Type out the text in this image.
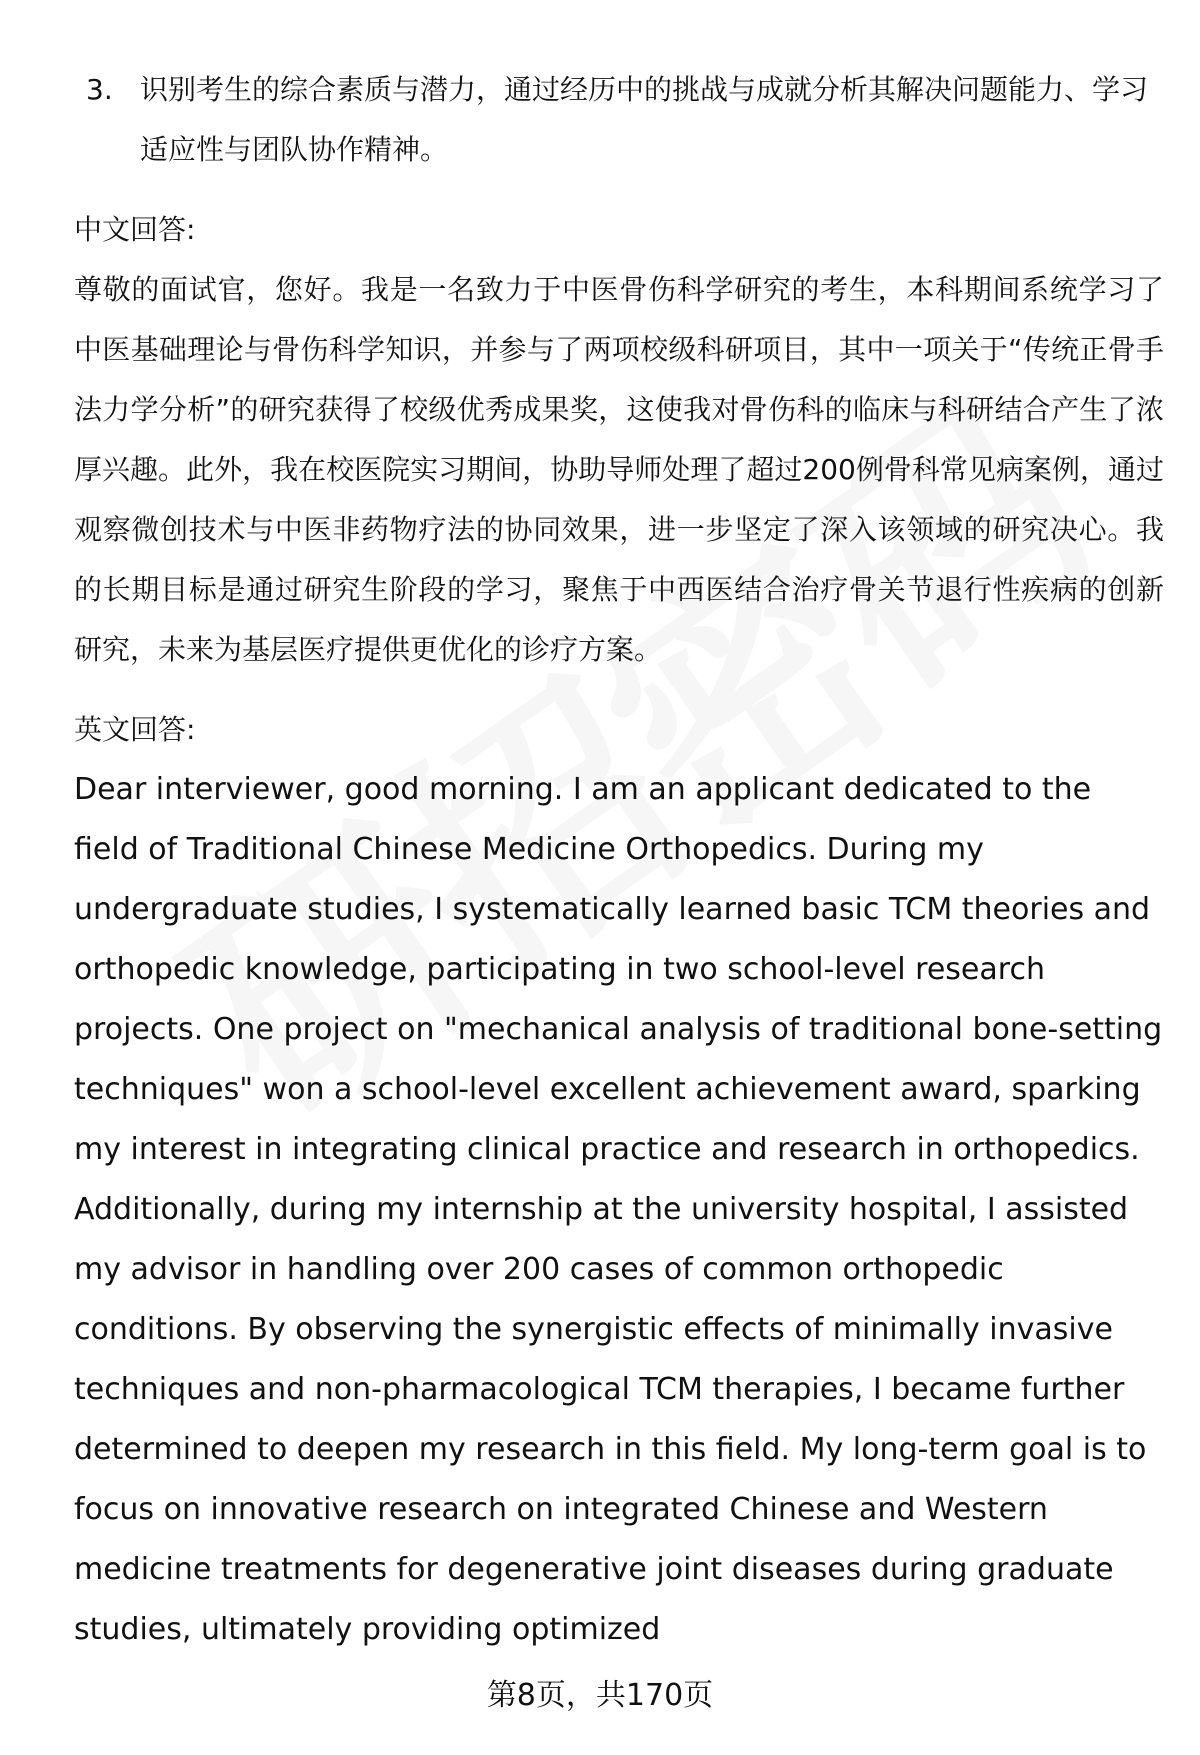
3. 识别考生的综合素质与潜力，通过经历中的挑战与成就分析其解决问题能力、学习适应性与团队协作精神。
中文回答:
尊敬的面试官，您好。我是一名致力于中医骨伤科学研究的考生，本科期间系统学习了中医基础理论与骨伤科学知识，并参与了两项校级科研项目，其中一项关于“传统正骨手法力学分析”的研究获得了校级优秀成果奖，这使我对骨伤科的临床与科研结合产生了浓厚兴趣。此外，我在校医院实习期间，协助导师处理了超过200例骨科常见病案例，通过观察微创技术与中医非药物疗法的协同效果，进一步坚定了深入该领域的研究决心。我的长期目标是通过研究生阶段的学习，聚焦于中西医结合治疗骨关节退行性疾病的创新研究，未来为基层医疗提供更优化的诊疗方案。
英文回答:
Dear interviewer, good morning. I am an applicant dedicated to the field of Traditional Chinese Medicine Orthopedics. During my undergraduate studies, I systematically learned basic TCM theories and orthopedic knowledge, participating in two school-level research projects. One project on "mechanical analysis of traditional bone-setting techniques" won a school-level excellent achievement award, sparking my interest in integrating clinical practice and research in orthopedics. Additionally, during my internship at the university hospital, I assisted my advisor in handling over 200 cases of common orthopedic conditions. By observing the synergistic effects of minimally invasive techniques and non-pharmacological TCM therapies, I became further determined to deepen my research in this field. My long-term goal is to focus on innovative research on integrated Chinese and Western medicine treatments for degenerative joint diseases during graduate studies, ultimately providing optimized
第8页，共170页
